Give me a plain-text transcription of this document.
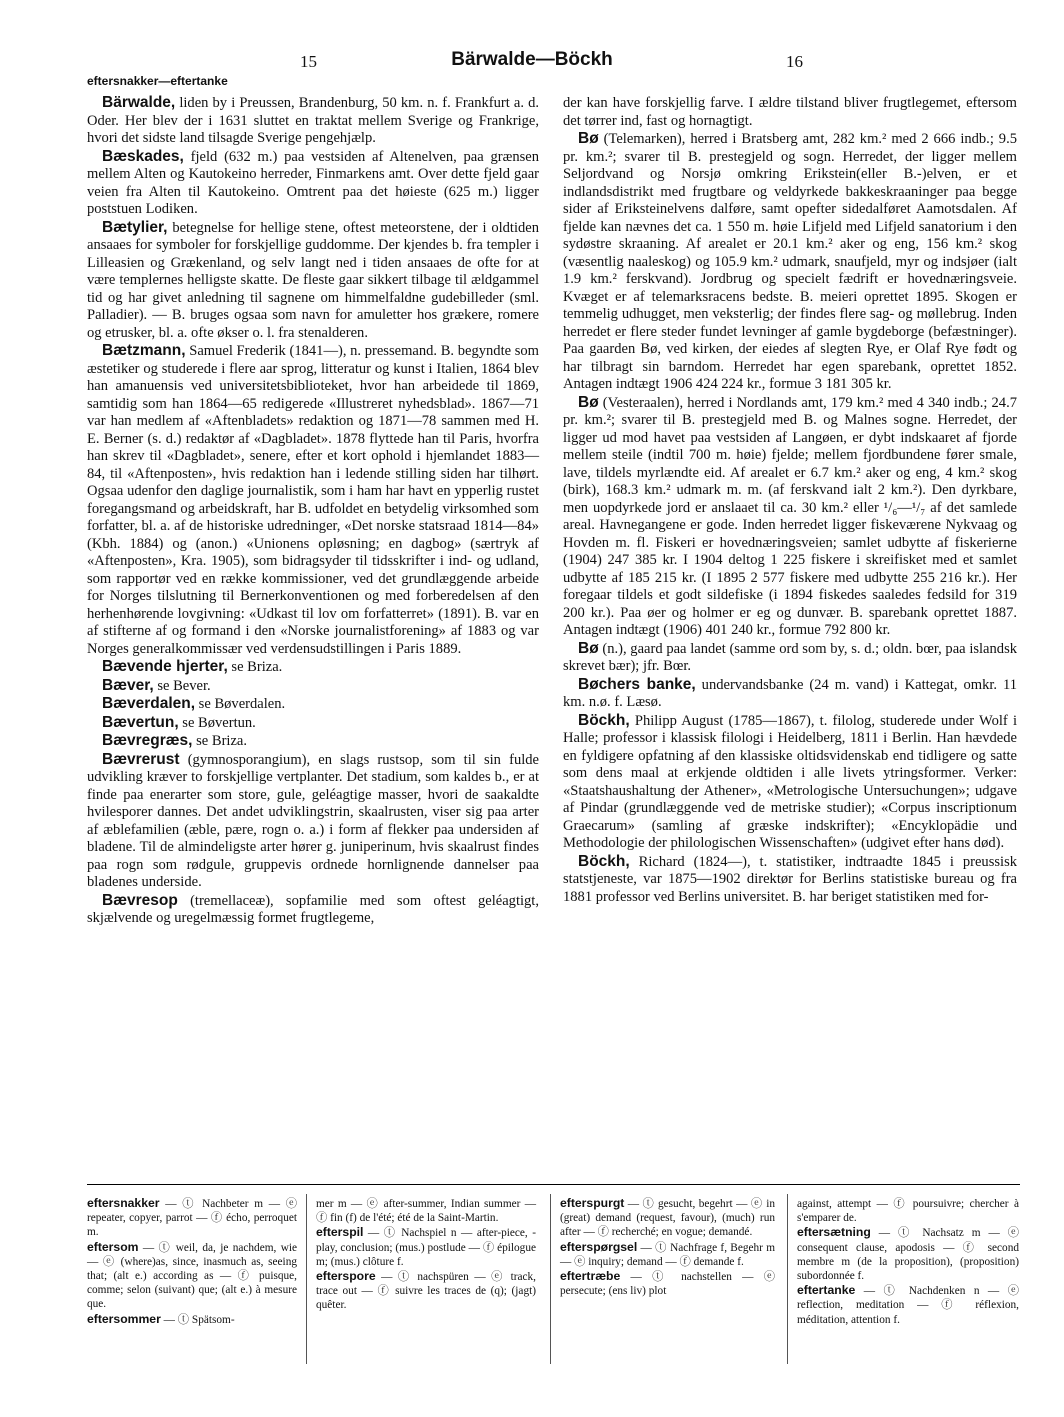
15	Bärwalde—Böckh	16
eftersnakker—eftertanke

Bärwalde, liden by i Preussen, Brandenburg, 50 km. n. f. Frankfurt a. d. Oder. Her blev der i 1631 sluttet en traktat mellem Sverige og Frankrige, hvori det sidste land tilsagde Sverige pengehjælp.

Bæskades, fjeld (632 m.) paa vestsiden af Altenelven, paa grænsen mellem Alten og Kautokeino herreder, Finmarkens amt. Over dette fjeld gaar veien fra Alten til Kautokeino. Omtrent paa det høieste (625 m.) ligger poststuen Lodiken.

Bætylier, betegnelse for hellige stene, oftest meteorstene, der i oldtiden ansaaes for symboler for forskjellige guddomme. Der kjendes b. fra templer i Lilleasien og Grækenland, og selv langt ned i tiden ansaaes de ofte for at være templernes helligste skatte. De fleste gaar sikkert tilbage til ældgammel tid og har givet anledning til sagnene om himmelfaldne gudebilleder (sml. Palladier). — B. bruges ogsaa som navn for amuletter hos grækere, romere og etrusker, bl. a. ofte økser o. l. fra stenalderen.

Bætzmann, Samuel Frederik (1841—), n. pressemand. B. begyndte som æstetiker og studerede i flere aar sprog, litteratur og kunst i Italien, 1864 blev han amanuensis ved universitetsbiblioteket, hvor han arbeidede til 1869, samtidig som han 1864—65 redigerede «Illustreret nyhedsblad». 1867—71 var han medlem af «Aftenbladets» redaktion og 1871—78 sammen med H. E. Berner (s. d.) redaktør af «Dagbladet». 1878 flyttede han til Paris, hvorfra han skrev til «Dagbladet», senere, efter et kort ophold i hjemlandet 1883—84, til «Aftenposten», hvis redaktion han i ledende stilling siden har tilhørt. Ogsaa udenfor den daglige journalistik, som i ham har havt en ypperlig rustet foregangsmand og arbeidskraft, har B. udfoldet en betydelig virksomhed som forfatter, bl. a. af de historiske udredninger, «Det norske statsraad 1814—84» (Kbh. 1884) og (anon.) «Unionens opløsning; en dagbog» (særtryk af «Aftenposten», Kra. 1905), som bidragsyder til tidsskrifter i ind- og udland, som rapportør ved en række kommissioner, ved det grundlæggende arbeide for Norges tilslutning til Bernerkonventionen og med forberedelsen af den herhenhørende lovgivning: «Udkast til lov om forfatterret» (1891). B. var en af stifterne af og formand i den «Norske journalistforening» af 1883 og var Norges generalkommissær ved verdensudstillingen i Paris 1889.

Bævende hjerter, se Briza.

Bæver, se Bever.

Bæverdalen, se Bøverdalen.

Bævertun, se Bøvertun.

Bævregræs, se Briza.

Bævrerust (gymnosporangium), en slags rustsop, som til sin fulde udvikling kræver to forskjellige vertplanter. Det stadium, som kaldes b., er at finde paa enerarter som store, gule, geléagtige masser, hvori de saakaldte hvilesporer dannes. Det andet udviklingstrin, skaalrusten, viser sig paa arter af æblefamilien (æble, pære, rogn o. a.) i form af flekker paa undersiden af bladene. Til de almindeligste arter hører g. juniperinum, hvis skaalrust findes paa rogn som rødgule, gruppevis ordnede hornlignende dannelser paa bladenes underside.

Bævresop (tremellaceæ), sopfamilie med som oftest geléagtigt, skjælvende og uregelmæssig formet frugtlegeme,

der kan have forskjellig farve. I ældre tilstand bliver frugtlegemet, eftersom det tørrer ind, fast og hornagtigt.

Bø (Telemarken), herred i Bratsberg amt, 282 km.² med 2 666 indb.; 9.5 pr. km.²; svarer til B. prestegjeld og sogn. Herredet, der ligger mellem Seljordvand og Norsjø omkring Erikstein(eller B.-)elven, er et indlandsdistrikt med frugtbare og veldyrkede bakkeskraaninger paa begge sider af Eriksteinelvens dalføre, samt opefter sidedalføret Aamotsdalen. Af fjelde kan nævnes det ca. 1 550 m. høie Lifjeld med Lifjeld sanatorium i den sydøstre skraaning. Af arealet er 20.1 km.² aker og eng, 156 km.² skog (væsentlig naaleskog) og 105.9 km.² udmark, snaufjeld, myr og indsjøer (ialt 1.9 km.² ferskvand). Jordbrug og specielt fædrift er hovednæringsveie. Kvæget er af telemarksracens bedste. B. meieri oprettet 1895. Skogen er temmelig udhugget, men veksterlig; der findes flere sag- og møllebrug. Inden herredet er flere steder fundet levninger af gamle bygdeborge (befæstninger). Paa gaarden Bø, ved kirken, der eiedes af slegten Rye, er Olaf Rye født og har tilbragt sin barndom. Herredet har egen sparebank, oprettet 1852. Antagen indtægt 1906 424 224 kr., formue 3 181 305 kr.

Bø (Vesteraalen), herred i Nordlands amt, 179 km.² med 4 340 indb.; 24.7 pr. km.²; svarer til B. prestegjeld med B. og Malnes sogne. Herredet, der ligger ud mod havet paa vestsiden af Langøen, er dybt indskaaret af fjorde mellem steile (indtil 700 m. høie) fjelde; mellem fjordbundene fører smale, lave, tildels myrlændte eid. Af arealet er 6.7 km.² aker og eng, 4 km.² skog (birk), 168.3 km.² udmark m. m. (af ferskvand ialt 2 km.²). Den dyrkbare, men uopdyrkede jord er anslaaet til ca. 30 km.² eller ¹/₆—¹/₇ af det samlede areal. Havnegangene er gode. Inden herredet ligger fiskeværene Nykvaag og Hovden m. fl. Fiskeri er hovednæringsveien; samlet udbytte af fiskerierne (1904) 247 385 kr. I 1904 deltog 1 225 fiskere i skreifisket med et samlet udbytte af 185 215 kr. (I 1895 2 577 fiskere med udbytte 255 216 kr.). Her foregaar tildels et godt sildefiske (i 1894 fiskedes saaledes fedsild for 319 200 kr.). Paa øer og holmer er eg og dunvær. B. sparebank oprettet 1887. Antagen indtægt (1906) 401 240 kr., formue 792 800 kr.

Bø (n.), gaard paa landet (samme ord som by, s. d.; oldn. bœr, paa islandsk skrevet bær); jfr. Bœr.

Bøchers banke, undervandsbanke (24 m. vand) i Kattegat, omkr. 11 km. n.ø. f. Læsø.

Böckh, Philipp August (1785—1867), t. filolog, studerede under Wolf i Halle; professor i klassisk filologi i Heidelberg, 1811 i Berlin. Han hævdede en fyldigere opfatning af den klassiske oltidsvidenskab end tidligere og satte som dens maal at erkjende oldtiden i alle livets ytringsformer. Verker: «Staatshaushaltung der Athener», «Metrologische Untersuchungen»; udgave af Pindar (grundlæggende ved de metriske studier); «Corpus inscriptionum Graecarum» (samling af græske indskrifter); «Encyklopädie und Methodologie der philologischen Wissenschaften» (udgivet efter hans død).

Böckh, Richard (1824—), t. statistiker, indtraadte 1845 i preussisk statstjeneste, var 1875—1902 direktør for Berlins statistiske bureau og fra 1881 professor ved Berlins universitet. B. har beriget statistiken med for-

eftersnakker — ⓣ Nachbeter m — ⓔ repeater, copyer, parrot — ⓕ écho, perroquet m.

eftersom — ⓣ weil, da, je nachdem, wie — ⓔ (where)as, since, inasmuch as, seeing that; (alt e.) according as — ⓕ puisque, comme; selon (suivant) que; (alt e.) à mesure que.

eftersommer — ⓣ Spätsom-

mer m — ⓔ after-summer, Indian summer — ⓕ fin (f) de l'été; été de la Saint-Martin.

efterspil — ⓣ Nachspiel n — after-piece, -play, conclusion; (mus.) postlude — ⓕ épilogue m; (mus.) clôture f.

efterspore — ⓣ nachspüren — ⓔ track, trace out — ⓕ suivre les traces de (q); (jagt) quêter.

efterspurgt — ⓣ gesucht, begehrt — ⓔ in (great) demand (request, favour), (much) run after — ⓕ recherché; en vogue; demandé.

efterspørgsel — ⓣ Nachfrage f, Begehr m — ⓔ inquiry; demand — ⓕ demande f.

eftertræbe — ⓣ nachstellen — ⓔ persecute; (ens liv) plot

against, attempt — ⓕ poursuivre; chercher à s'emparer de.

eftersætning — ⓣ Nachsatz m — ⓔ consequent clause, apodosis — ⓕ second membre m (de la proposition), (proposition) subordonnée f.

eftertanke — ⓣ Nachdenken n — ⓔ reflection, meditation — ⓕ réflexion, méditation, attention f.
